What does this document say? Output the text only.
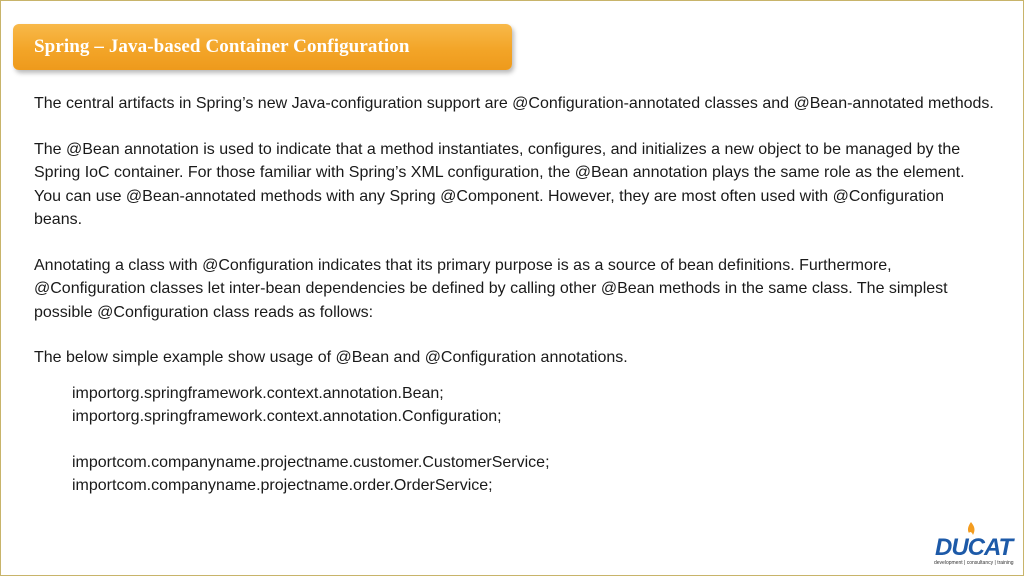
Spring – Java-based Container Configuration

The central artifacts in Spring’s new Java-configuration support are @Configuration-annotated classes and @Bean-annotated methods.

The @Bean annotation is used to indicate that a method instantiates, configures, and initializes a new object to be managed by the Spring IoC container. For those familiar with Spring’s XML configuration, the @Bean annotation plays the same role as the element. You can use @Bean-annotated methods with any Spring @Component. However, they are most often used with @Configuration beans.

Annotating a class with @Configuration indicates that its primary purpose is as a source of bean definitions. Furthermore, @Configuration classes let inter-bean dependencies be defined by calling other @Bean methods in the same class. The simplest possible @Configuration class reads as follows:

The below simple example show usage of @Bean and @Configuration annotations.

importorg.springframework.context.annotation.Bean;
importorg.springframework.context.annotation.Configuration;
importcom.companyname.projectname.customer.CustomerService;
importcom.companyname.projectname.order.OrderService;
DUCAT
development | consultancy | training
